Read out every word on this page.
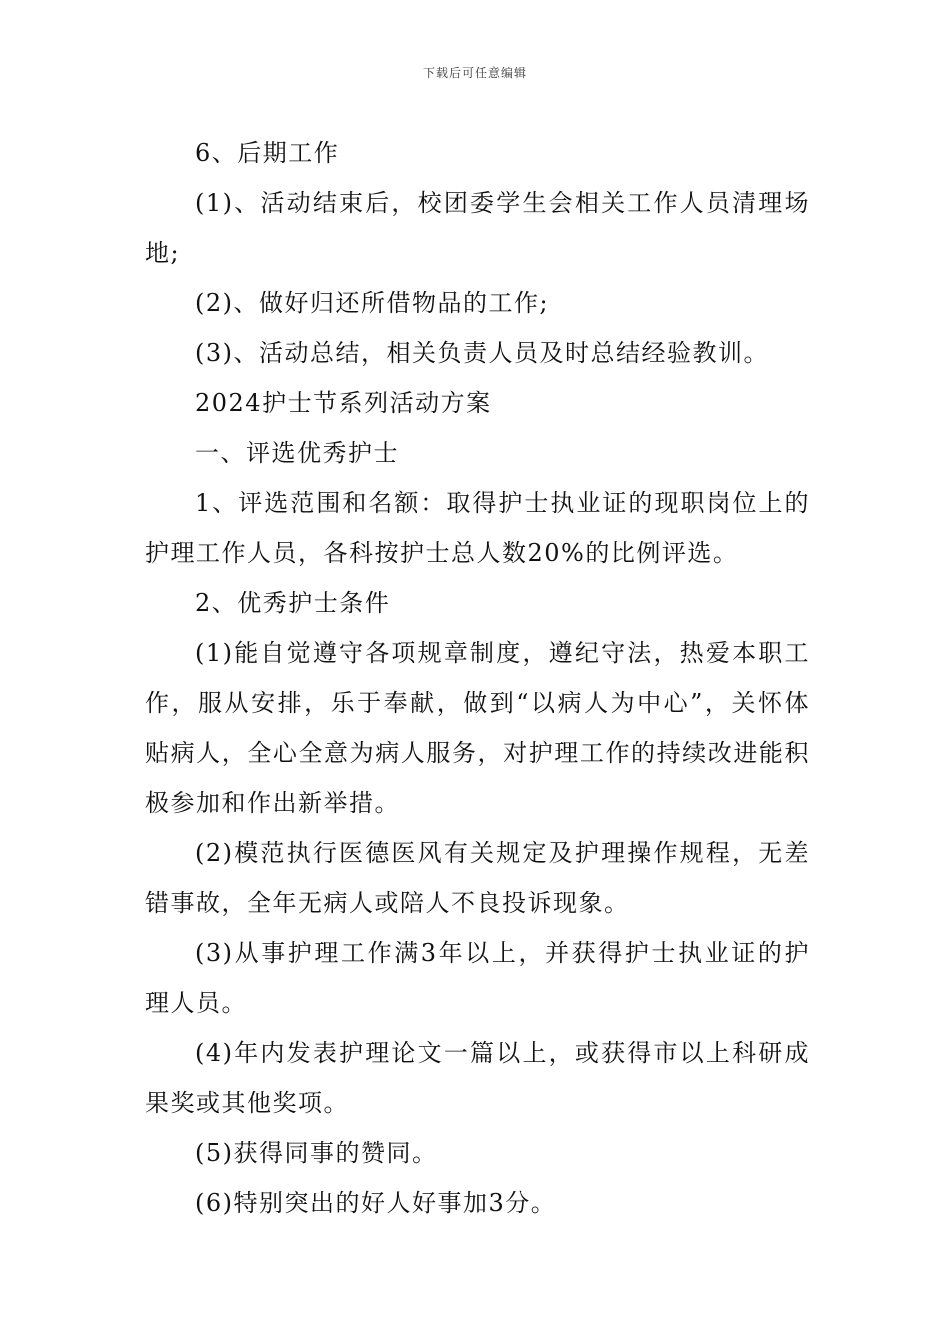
下载后可任意编辑

6、后期工作

(1)、活动结束后，校团委学生会相关工作人员清理场地;

(2)、做好归还所借物品的工作;

(3)、活动总结，相关负责人员及时总结经验教训。

2024护士节系列活动方案

一、评选优秀护士

1、评选范围和名额：取得护士执业证的现职岗位上的护理工作人员，各科按护士总人数20%的比例评选。

2、优秀护士条件

(1)能自觉遵守各项规章制度，遵纪守法，热爱本职工作，服从安排，乐于奉献，做到“以病人为中心”，关怀体贴病人，全心全意为病人服务，对护理工作的持续改进能积极参加和作出新举措。

(2)模范执行医德医风有关规定及护理操作规程，无差错事故，全年无病人或陪人不良投诉现象。

(3)从事护理工作满3年以上，并获得护士执业证的护理人员。

(4)年内发表护理论文一篇以上，或获得市以上科研成果奖或其他奖项。

(5)获得同事的赞同。

(6)特别突出的好人好事加3分。
